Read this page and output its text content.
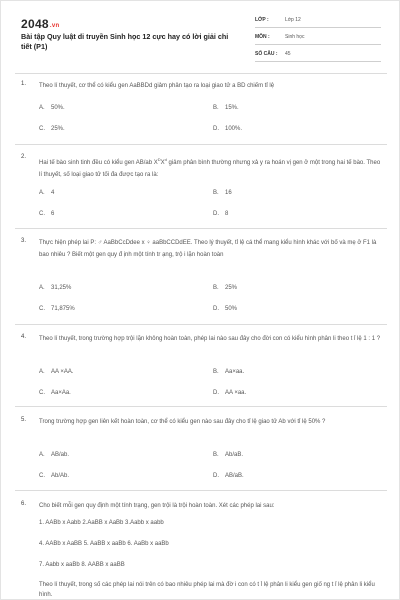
2048.vn
Bài tập Quy luật di truyền Sinh học 12 cực hay có lời giải chi tiết (P1)
LỚP :	Lớp 12
MÔN :	Sinh học
SỐ CÂU : 45
1. Theo lí thuyết, cơ thể có kiểu gen AaBBDd giảm phân tạo ra loại giao tử a BD chiếm tỉ lệ
A. 50%.	B. 15%.
C. 25%.	D. 100%.
2.
Hai tế bào sinh tinh đều có kiểu gen AB/ab $X^DX^d$ giảm phân bình thường nhưng xả y ra hoán vị gen ở một trong hai tế bào. Theo lí thuyết, số loại giao tử tối đa được tạo ra là:
A. 4	B. 16
C. 6	D. 8
3. Thực hiện phép lai P: ♂ AaBbCcDdee x ♀ aaBbCCDdEE. Theo lý thuyết, tỉ lệ cá thể mang kiểu hình khác với bố và mẹ ở F1 là bao nhiêu ? Biết một gen quy đ ịnh một tính tr ạng, trộ i lặn hoàn toàn
A. 31,25%	B. 25%
C. 71,875%	D. 50%
4. Theo lí thuyết, trong trường hợp trội lặn không hoàn toàn, phép lai nào sau đây cho đời con có kiểu hình phân li theo t ỉ lệ 1 : 1 ?
A. AA ×AA.	B. Aa×aa.
C. Aa×Aa.	D. AA ×aa.
5. Trong trường hợp gen liên kết hoàn toàn, cơ thể có kiểu gen nào sau đây cho tỉ lệ giao tử Ab với tỉ lệ 50% ?
A. AB/ab.	B. Ab/aB.
C. Ab/Ab.	D. AB/aB.
6. Cho biết mỗi gen quy định một tính trạng, gen trội là trội hoàn toàn. Xét các phép lai sau:
1. AABb x Aabb 2.AaBB x AaBb 3.Aabb x aabb
4. AABb x AaBB 5. AaBB x aaBb 6. AaBb x aaBb
7. Aabb x aaBb 8. AABB x aaBB
Theo lí thuyết, trong số các phép lai nói trên có bao nhiêu phép lai mà đờ i con có t ỉ lệ phân li kiểu gen giố ng t ỉ lệ phân li kiểu hình.
